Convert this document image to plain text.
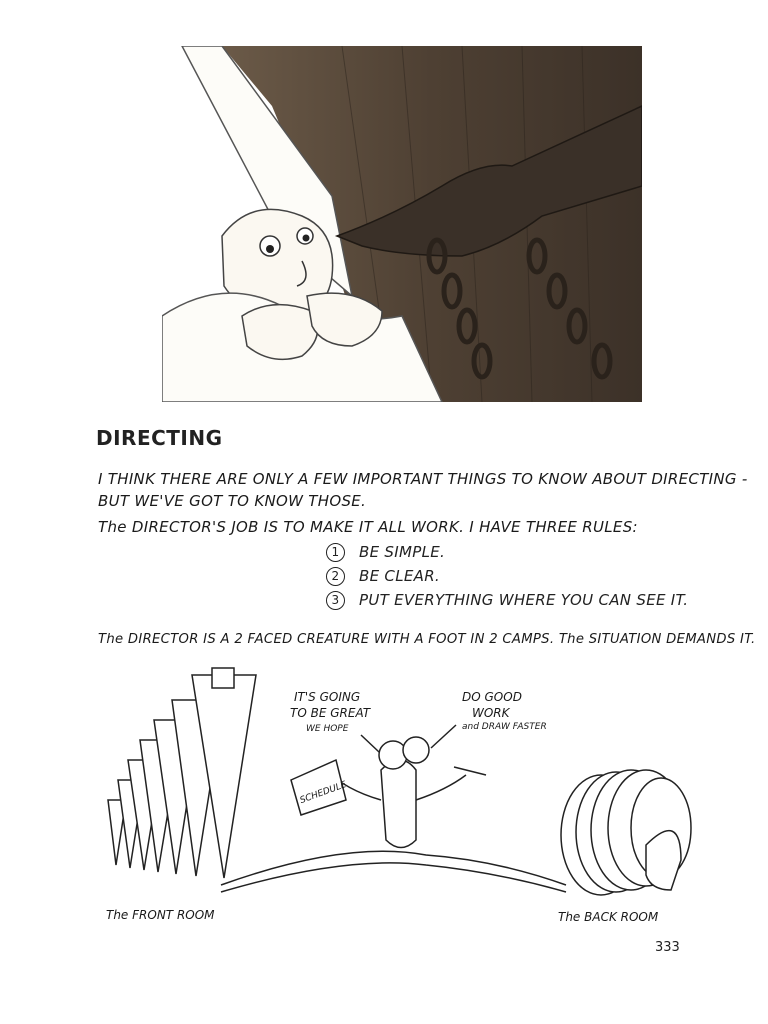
DIRECTING
I THINK THERE ARE ONLY A FEW IMPORTANT THINGS TO KNOW ABOUT DIRECTING -
BUT WE'VE GOT TO KNOW THOSE.
The DIRECTOR'S JOB IS TO MAKE IT ALL WORK. I HAVE THREE RULES:
1 BE SIMPLE.
2 BE CLEAR.
3 PUT EVERYTHING WHERE YOU CAN SEE IT.
The DIRECTOR IS A 2 FACED CREATURE WITH A FOOT IN 2 CAMPS. The SITUATION DEMANDS IT.
IT'S GOING
TO BE GREAT
WE HOPE
DO GOOD
WORK
and DRAW FASTER
SCHEDULE
The FRONT ROOM	The BACK ROOM
333
